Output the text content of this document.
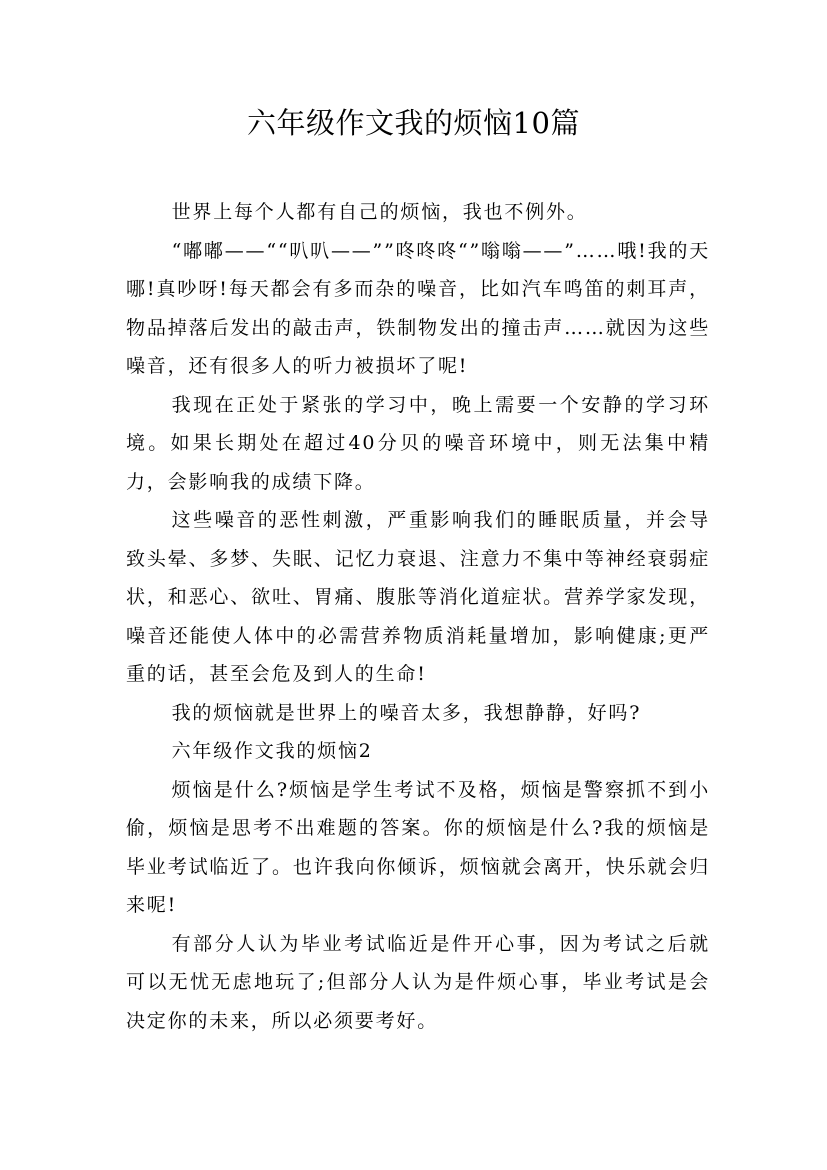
六年级作文我的烦恼10篇

世界上每个人都有自己的烦恼，我也不例外。

“嘟嘟——““叭叭——””咚咚咚“”嗡嗡——”……哦!我的天哪!真吵呀!每天都会有多而杂的噪音，比如汽车鸣笛的刺耳声，物品掉落后发出的敲击声，铁制物发出的撞击声……就因为这些噪音，还有很多人的听力被损坏了呢!

我现在正处于紧张的学习中，晚上需要一个安静的学习环境。如果长期处在超过40分贝的噪音环境中，则无法集中精力，会影响我的成绩下降。

这些噪音的恶性刺激，严重影响我们的睡眠质量，并会导致头晕、多梦、失眠、记忆力衰退、注意力不集中等神经衰弱症状，和恶心、欲吐、胃痛、腹胀等消化道症状。营养学家发现，噪音还能使人体中的必需营养物质消耗量增加，影响健康;更严重的话，甚至会危及到人的生命!

我的烦恼就是世界上的噪音太多，我想静静，好吗?

六年级作文我的烦恼2

烦恼是什么?烦恼是学生考试不及格，烦恼是警察抓不到小偷，烦恼是思考不出难题的答案。你的烦恼是什么?我的烦恼是毕业考试临近了。也许我向你倾诉，烦恼就会离开，快乐就会归来呢!

有部分人认为毕业考试临近是件开心事，因为考试之后就可以无忧无虑地玩了;但部分人认为是件烦心事，毕业考试是会决定你的未来，所以必须要考好。
